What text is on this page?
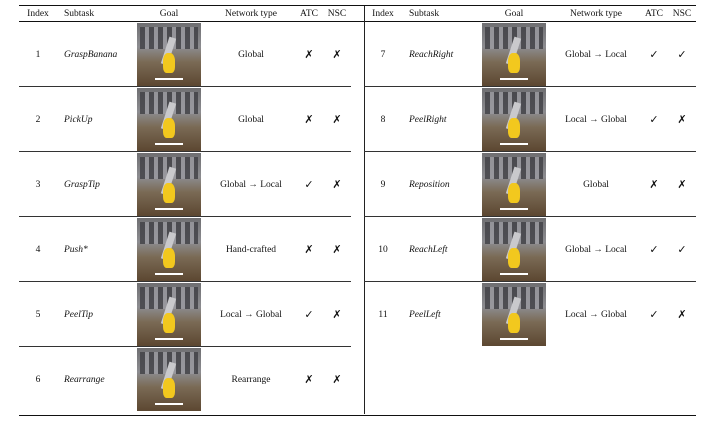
Index	Subtask	Goal	Network type	ATC	NSC	Index	Subtask	Goal	Network type	ATC	NSC
1	GraspBanana	Global	✗	✗
2	PickUp	Global	✗	✗
3	GraspTip	Global → Local	✓	✗
4	Push*	Hand-crafted	✗	✗
5	PeelTip	Local → Global	✓	✗
6	Rearrange	Rearrange	✗	✗
7	ReachRight	Global → Local	✓	✓
8	PeelRight	Local → Global	✓	✗
9	Reposition	Global	✗	✗
10	ReachLeft	Global → Local	✓	✓
11	PeelLeft	Local → Global	✓	✗
